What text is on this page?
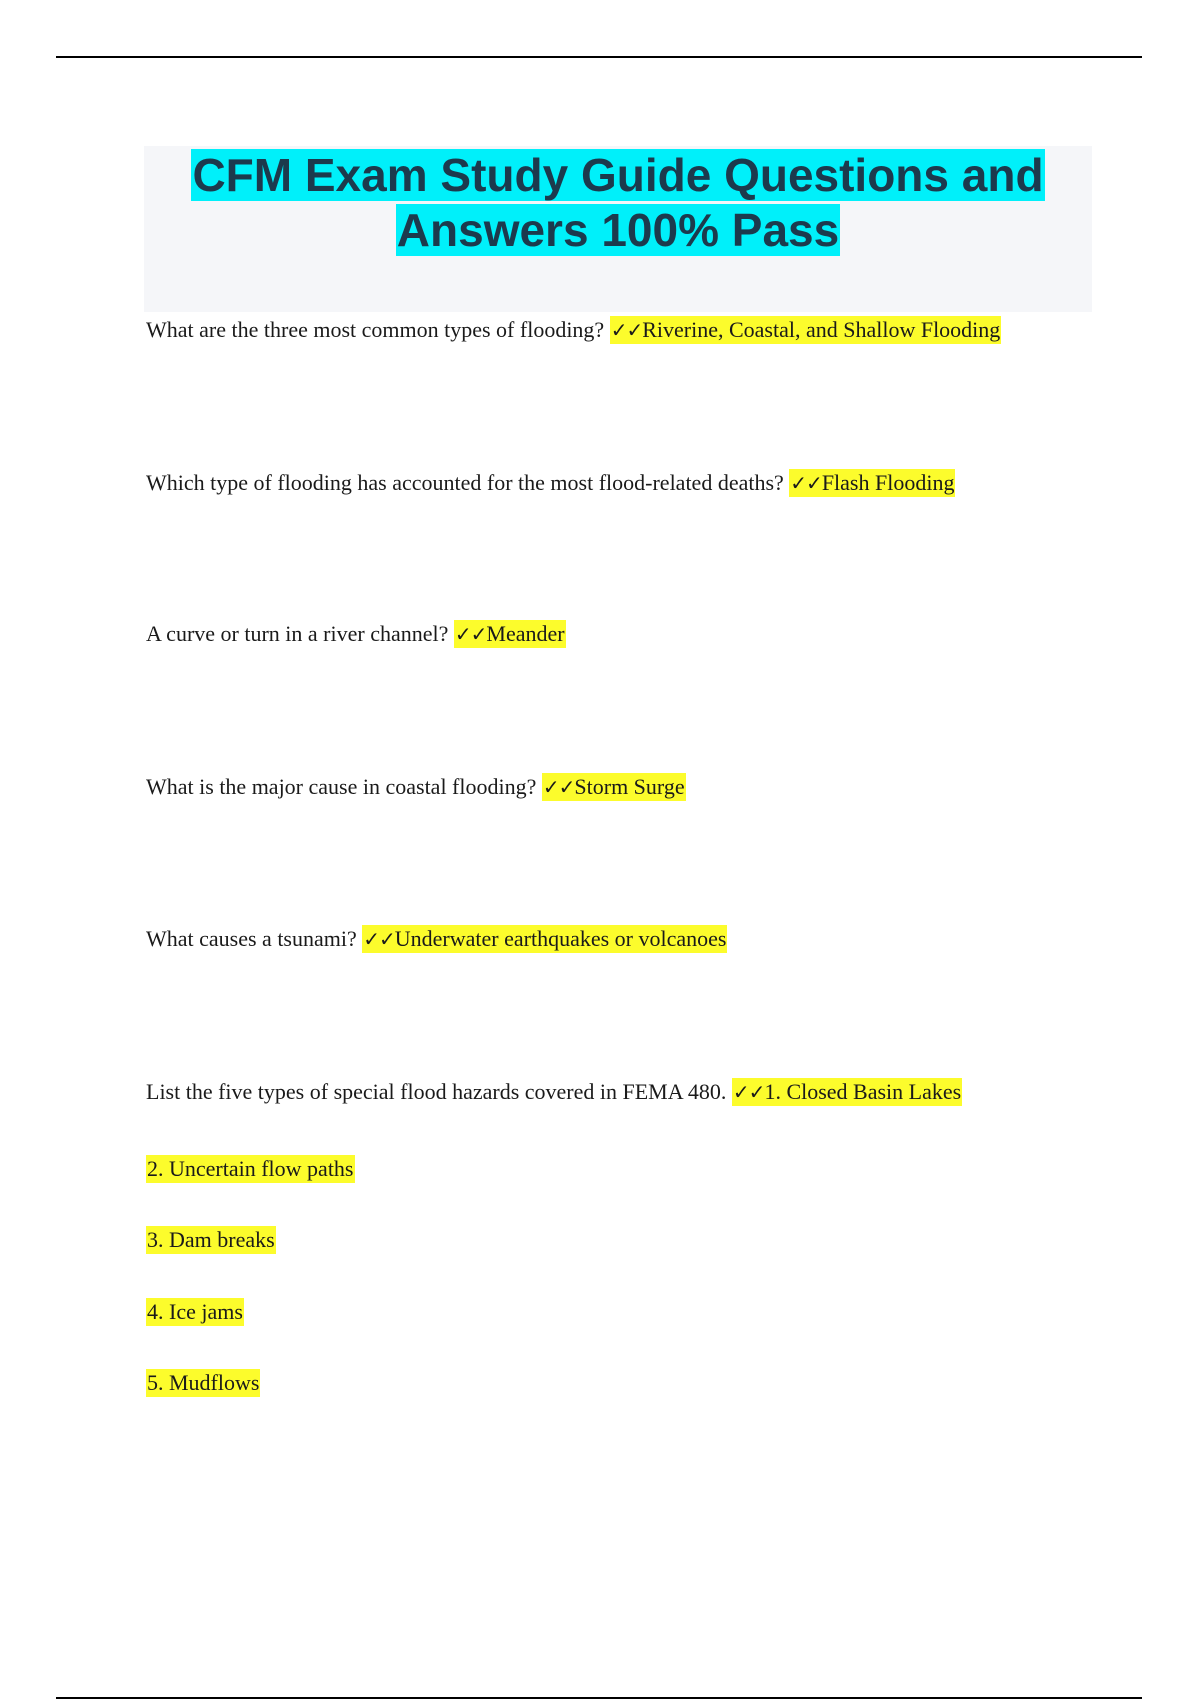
CFM Exam Study Guide Questions and
Answers 100% Pass
What are the three most common types of flooding? ✓✓Riverine, Coastal, and Shallow Flooding
Which type of flooding has accounted for the most flood-related deaths? ✓✓Flash Flooding
A curve or turn in a river channel? ✓✓Meander
What is the major cause in coastal flooding? ✓✓Storm Surge
What causes a tsunami? ✓✓Underwater earthquakes or volcanoes
List the five types of special flood hazards covered in FEMA 480. ✓✓1. Closed Basin Lakes
2. Uncertain flow paths
3. Dam breaks
4. Ice jams
5. Mudflows
